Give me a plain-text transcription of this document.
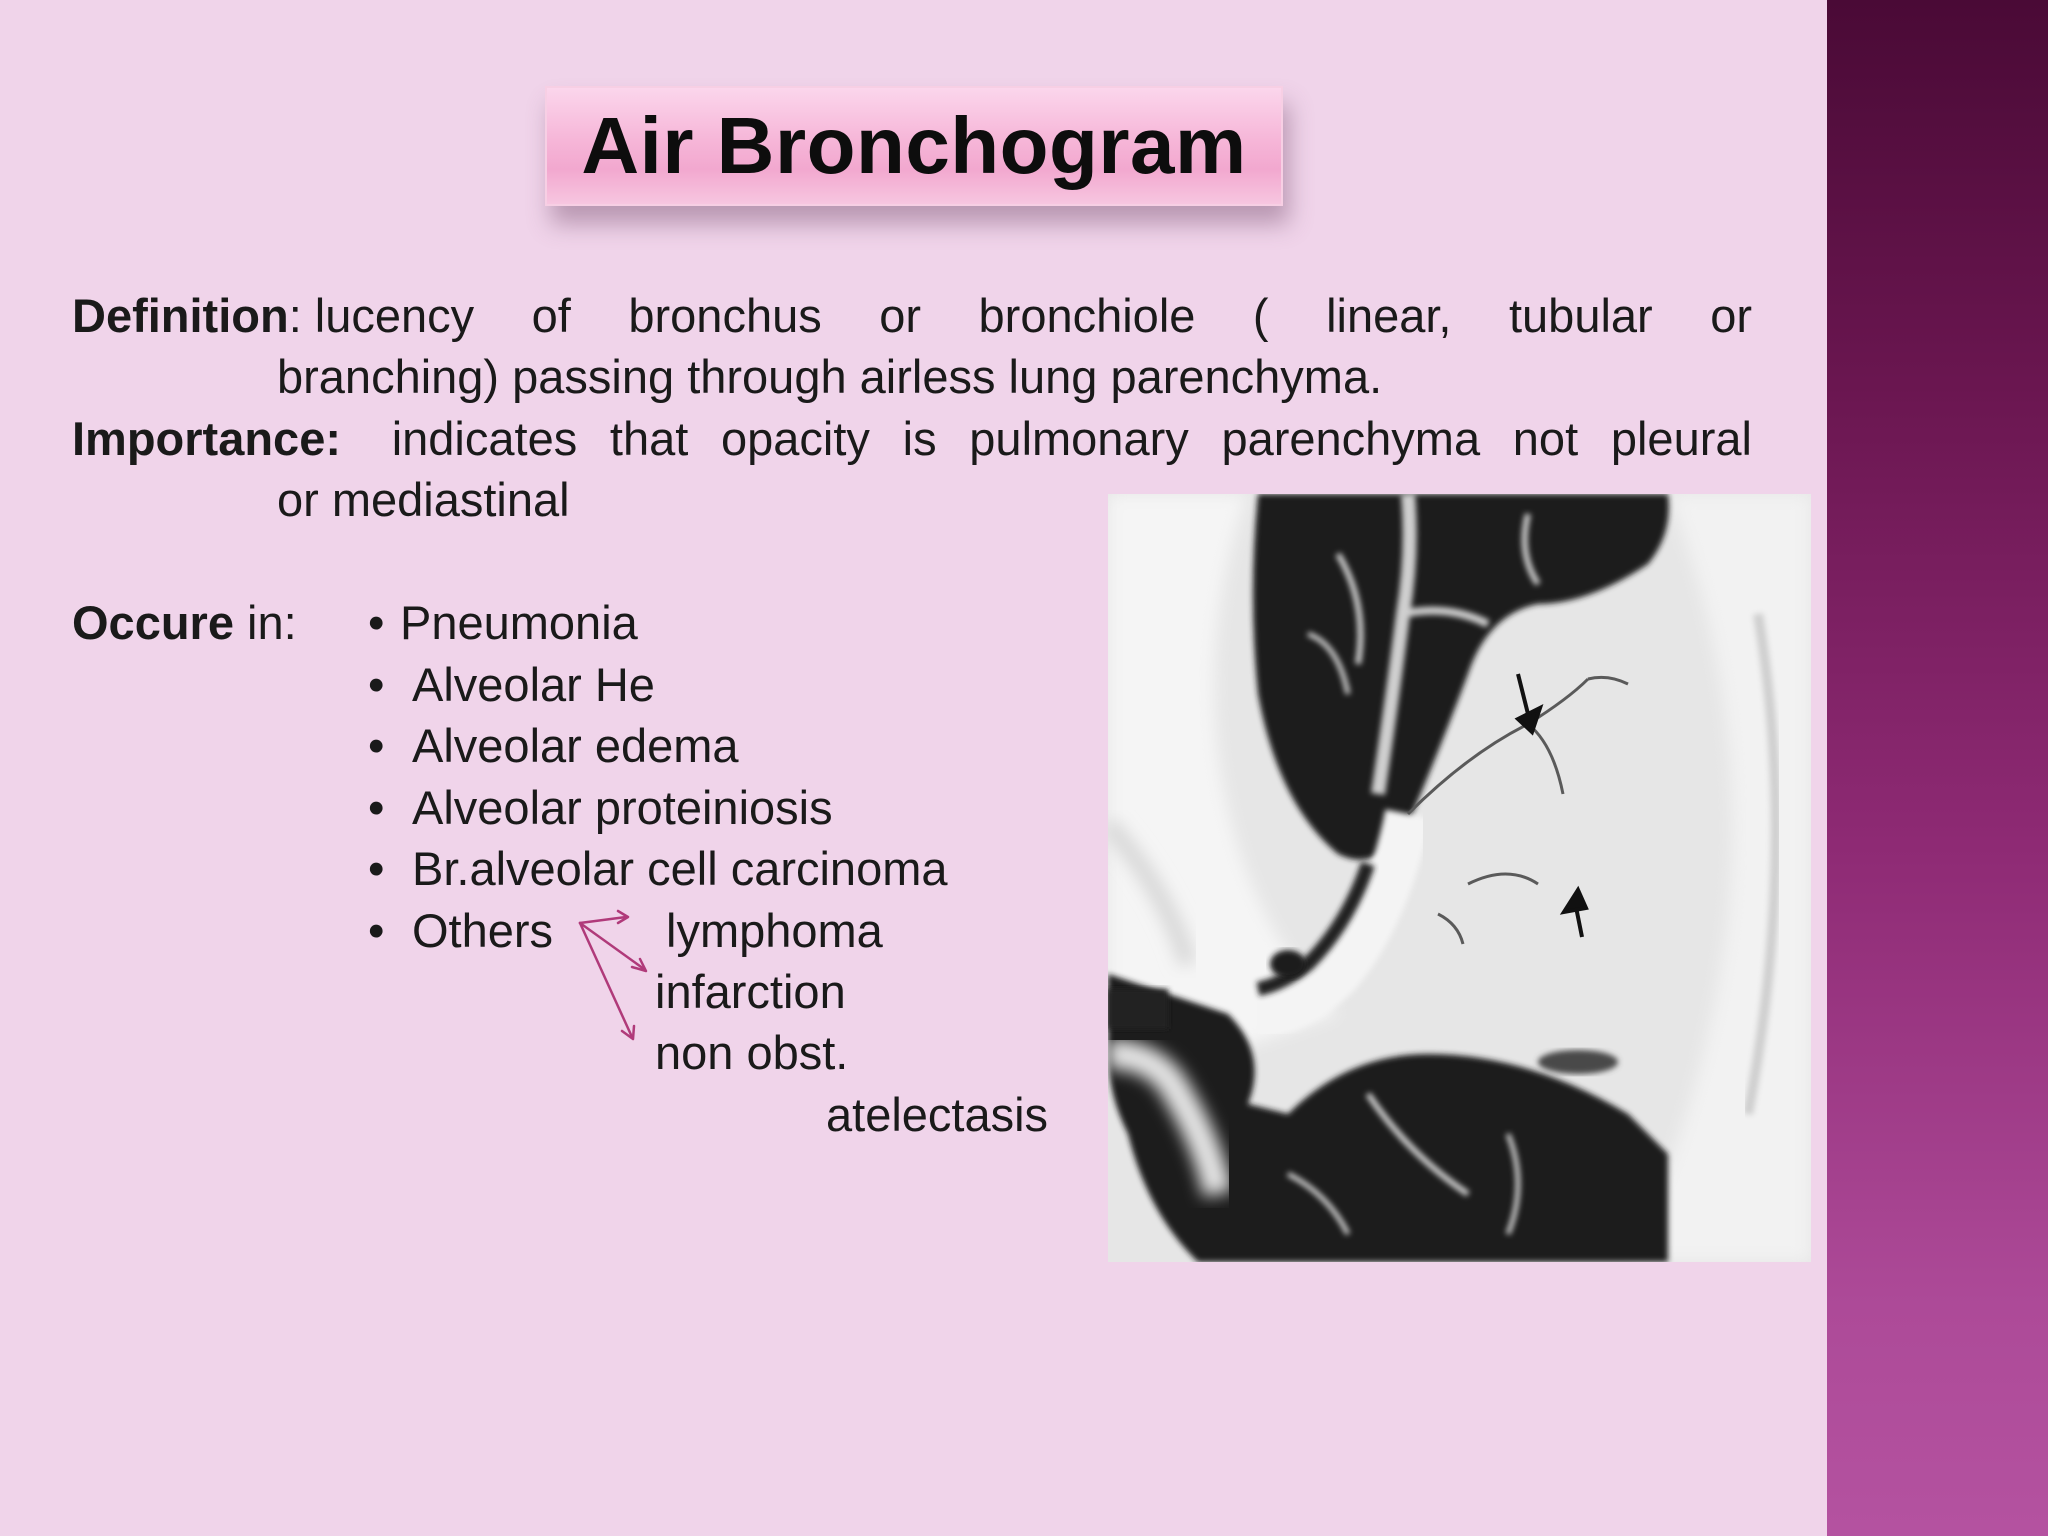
Air Bronchogram
Definition: lucency of bronchus or bronchiole ( linear, tubular or
branching) passing through airless lung parenchyma.
Importance: indicates that opacity is pulmonary parenchyma not pleural
or mediastinal
Occure in: • Pneumonia
• Alveolar He
• Alveolar edema
• Alveolar proteiniosis
• Br.alveolar cell carcinoma
• Others	lymphoma
infarction
non obst.
atelectasis
